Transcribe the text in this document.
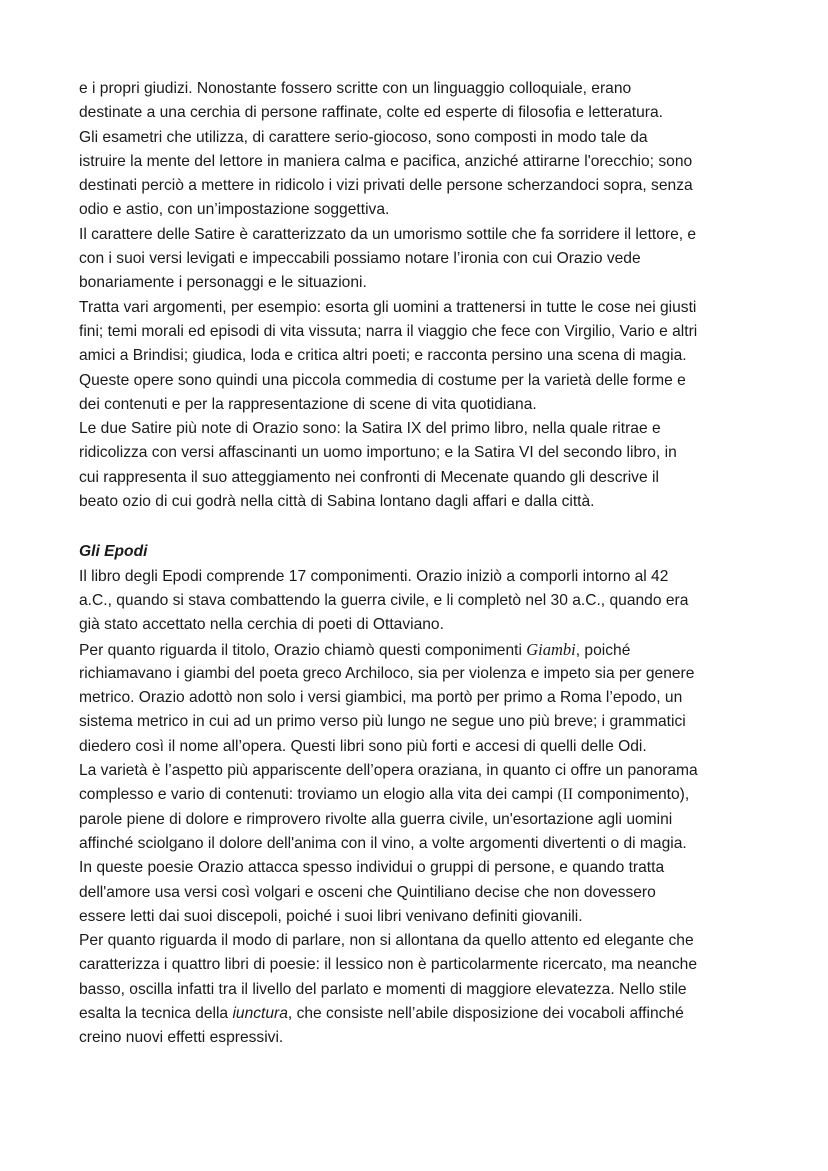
e i propri giudizi. Nonostante fossero scritte con un linguaggio colloquiale, erano
destinate a una cerchia di persone raffinate, colte ed esperte di filosofia e letteratura.
Gli esametri che utilizza, di carattere serio-giocoso, sono composti in modo tale da
istruire la mente del lettore in maniera calma e pacifica, anziché attirarne l'orecchio; sono
destinati perciò a mettere in ridicolo i vizi privati delle persone scherzandoci sopra, senza
odio e astio, con un’impostazione soggettiva.
Il carattere delle Satire è caratterizzato da un umorismo sottile che fa sorridere il lettore, e
con i suoi versi levigati e impeccabili possiamo notare l’ironia con cui Orazio vede
bonariamente i personaggi e le situazioni.
Tratta vari argomenti, per esempio: esorta gli uomini a trattenersi in tutte le cose nei giusti
fini; temi morali ed episodi di vita vissuta; narra il viaggio che fece con Virgilio, Vario e altri
amici a Brindisi; giudica, loda e critica altri poeti; e racconta persino una scena di magia.
Queste opere sono quindi una piccola commedia di costume per la varietà delle forme e
dei contenuti e per la rappresentazione di scene di vita quotidiana.
Le due Satire più note di Orazio sono: la Satira IX del primo libro, nella quale ritrae e
ridicolizza con versi affascinanti un uomo importuno; e la Satira VI del secondo libro, in
cui rappresenta il suo atteggiamento nei confronti di Mecenate quando gli descrive il
beato ozio di cui godrà nella città di Sabina lontano dagli affari e dalla città.
Gli Epodi
Il libro degli Epodi comprende 17 componimenti. Orazio iniziò a comporli intorno al 42
a.C., quando si stava combattendo la guerra civile, e li completò nel 30 a.C., quando era
già stato accettato nella cerchia di poeti di Ottaviano.
Per quanto riguarda il titolo, Orazio chiamò questi componimenti Giambi, poiché
richiamavano i giambi del poeta greco Archiloco, sia per violenza e impeto sia per genere
metrico. Orazio adottò non solo i versi giambici, ma portò per primo a Roma l’epodo, un
sistema metrico in cui ad un primo verso più lungo ne segue uno più breve; i grammatici
diedero così il nome all’opera. Questi libri sono più forti e accesi di quelli delle Odi.
La varietà è l’aspetto più appariscente dell’opera oraziana, in quanto ci offre un panorama
complesso e vario di contenuti: troviamo un elogio alla vita dei campi (II componimento),
parole piene di dolore e rimprovero rivolte alla guerra civile, un'esortazione agli uomini
affinché sciolgano il dolore dell'anima con il vino, a volte argomenti divertenti o di magia.
In queste poesie Orazio attacca spesso individui o gruppi di persone, e quando tratta
dell'amore usa versi così volgari e osceni che Quintiliano decise che non dovessero
essere letti dai suoi discepoli, poiché i suoi libri venivano definiti giovanili.
Per quanto riguarda il modo di parlare, non si allontana da quello attento ed elegante che
caratterizza i quattro libri di poesie: il lessico non è particolarmente ricercato, ma neanche
basso, oscilla infatti tra il livello del parlato e momenti di maggiore elevatezza. Nello stile
esalta la tecnica della iunctura, che consiste nell’abile disposizione dei vocaboli affinché
creino nuovi effetti espressivi.
